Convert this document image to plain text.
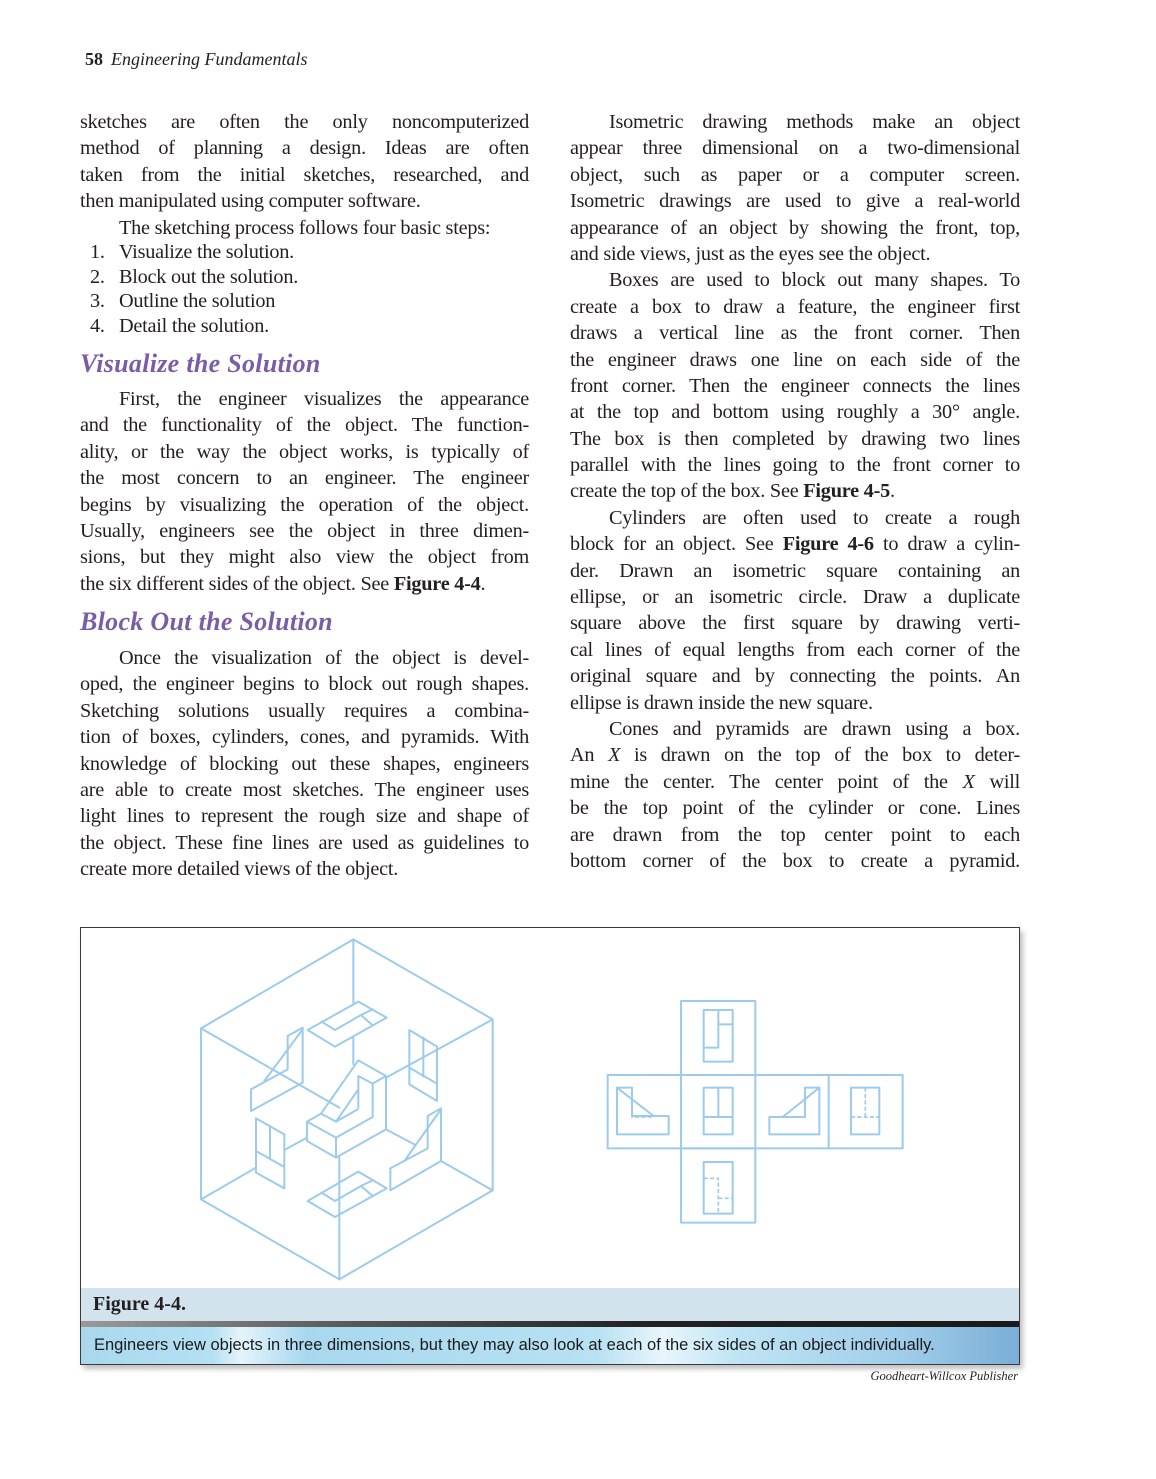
58 Engineering Fundamentals
sketches are often the only noncomputerized
method of planning a design. Ideas are often
taken from the initial sketches, researched, and
then manipulated using computer software.
The sketching process follows four basic steps:
1. Visualize the solution.
2. Block out the solution.
3. Outline the solution
4. Detail the solution.
Visualize the Solution
First, the engineer visualizes the appearance
and the functionality of the object. The function-
ality, or the way the object works, is typically of
the most concern to an engineer. The engineer
begins by visualizing the operation of the object.
Usually, engineers see the object in three dimen-
sions, but they might also view the object from
the six different sides of the object. See Figure 4-4.
Block Out the Solution
Once the visualization of the object is devel-
oped, the engineer begins to block out rough shapes.
Sketching solutions usually requires a combina-
tion of boxes, cylinders, cones, and pyramids. With
knowledge of blocking out these shapes, engineers
are able to create most sketches. The engineer uses
light lines to represent the rough size and shape of
the object. These fine lines are used as guidelines to
create more detailed views of the object.
Isometric drawing methods make an object
appear three dimensional on a two-dimensional
object, such as paper or a computer screen.
Isometric drawings are used to give a real-world
appearance of an object by showing the front, top,
and side views, just as the eyes see the object.
Boxes are used to block out many shapes. To
create a box to draw a feature, the engineer first
draws a vertical line as the front corner. Then
the engineer draws one line on each side of the
front corner. Then the engineer connects the lines
at the top and bottom using roughly a 30° angle.
The box is then completed by drawing two lines
parallel with the lines going to the front corner to
create the top of the box. See Figure 4-5.
Cylinders are often used to create a rough
block for an object. See Figure 4-6 to draw a cylin-
der. Drawn an isometric square containing an
ellipse, or an isometric circle. Draw a duplicate
square above the first square by drawing verti-
cal lines of equal lengths from each corner of the
original square and by connecting the points. An
ellipse is drawn inside the new square.
Cones and pyramids are drawn using a box.
An X is drawn on the top of the box to deter-
mine the center. The center point of the X will
be the top point of the cylinder or cone. Lines
are drawn from the top center point to each
bottom corner of the box to create a pyramid.
Figure 4-4.
Engineers view objects in three dimensions, but they may also look at each of the six sides of an object individually.
Goodheart-Willcox Publisher
